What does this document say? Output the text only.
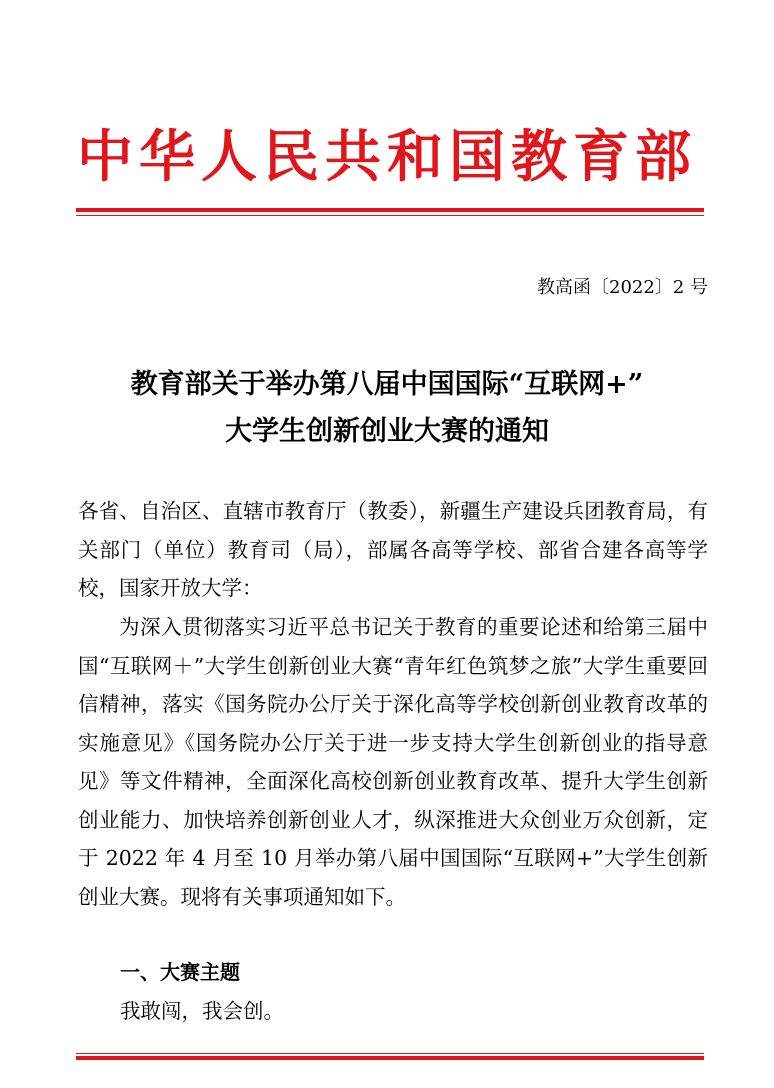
中华人民共和国教育部
教高函〔2022〕2 号
教育部关于举办第八届中国国际“互联网+”
大学生创新创业大赛的通知

各省、自治区、直辖市教育厅（教委），新疆生产建设兵团教育局，有关部门（单位）教育司（局），部属各高等学校、部省合建各高等学校，国家开放大学：

为深入贯彻落实习近平总书记关于教育的重要论述和给第三届中国“互联网＋”大学生创新创业大赛“青年红色筑梦之旅”大学生重要回信精神，落实《国务院办公厅关于深化高等学校创新创业教育改革的实施意见》《国务院办公厅关于进一步支持大学生创新创业的指导意见》等文件精神，全面深化高校创新创业教育改革、提升大学生创新创业能力、加快培养创新创业人才，纵深推进大众创业万众创新，定于 2022 年 4 月至 10 月举办第八届中国国际“互联网+”大学生创新创业大赛。现将有关事项通知如下。

一、大赛主题
我敢闯，我会创。
